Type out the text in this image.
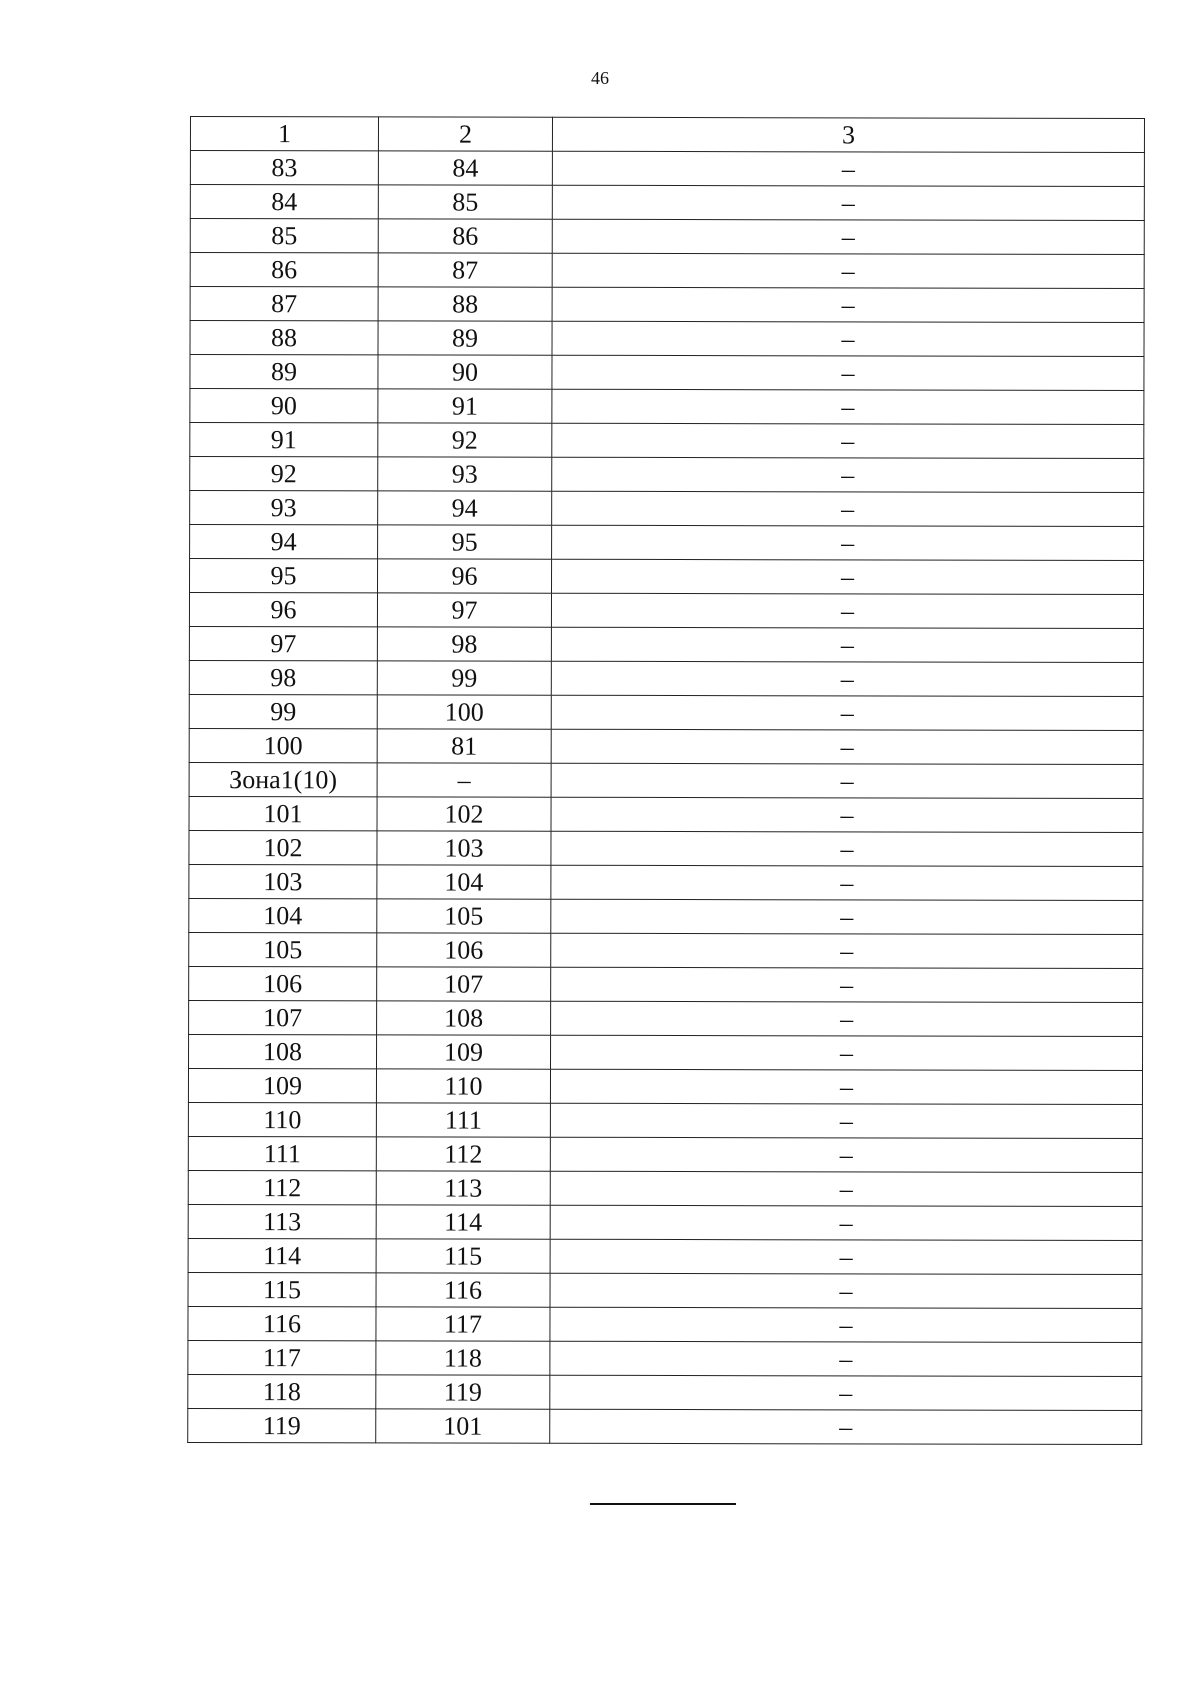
46
1	2	3
83	84	–
84	85	–
85	86	–
86	87	–
87	88	–
88	89	–
89	90	–
90	91	–
91	92	–
92	93	–
93	94	–
94	95	–
95	96	–
96	97	–
97	98	–
98	99	–
99	100	–
100	81	–
Зона1(10)	–	–
101	102	–
102	103	–
103	104	–
104	105	–
105	106	–
106	107	–
107	108	–
108	109	–
109	110	–
110	111	–
111	112	–
112	113	–
113	114	–
114	115	–
115	116	–
116	117	–
117	118	–
118	119	–
119	101	–
